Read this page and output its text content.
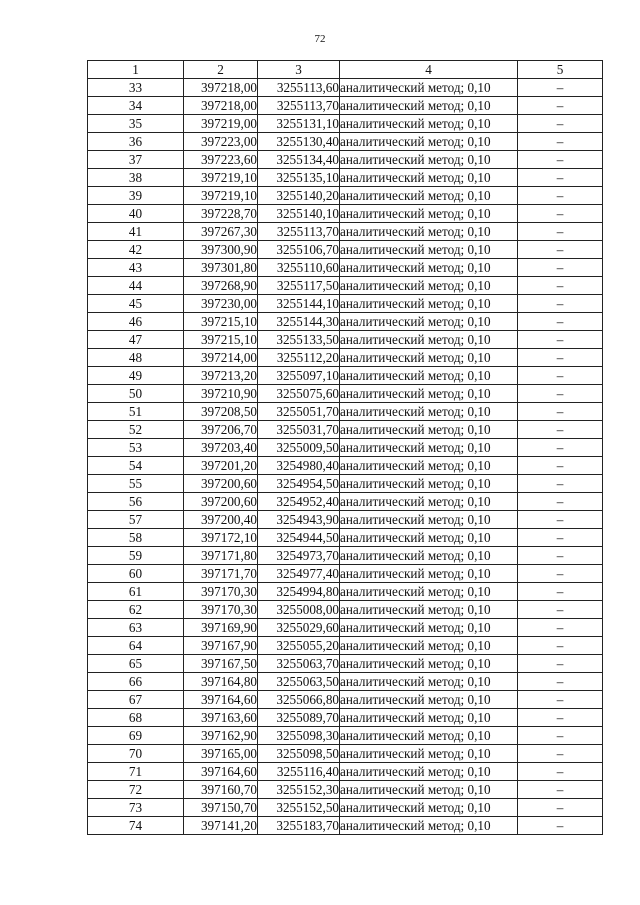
72
1	2	3	4	5
33	397218,00	3255113,60	аналитический метод; 0,10	–
34	397218,00	3255113,70	аналитический метод; 0,10	–
35	397219,00	3255131,10	аналитический метод; 0,10	–
36	397223,00	3255130,40	аналитический метод; 0,10	–
37	397223,60	3255134,40	аналитический метод; 0,10	–
38	397219,10	3255135,10	аналитический метод; 0,10	–
39	397219,10	3255140,20	аналитический метод; 0,10	–
40	397228,70	3255140,10	аналитический метод; 0,10	–
41	397267,30	3255113,70	аналитический метод; 0,10	–
42	397300,90	3255106,70	аналитический метод; 0,10	–
43	397301,80	3255110,60	аналитический метод; 0,10	–
44	397268,90	3255117,50	аналитический метод; 0,10	–
45	397230,00	3255144,10	аналитический метод; 0,10	–
46	397215,10	3255144,30	аналитический метод; 0,10	–
47	397215,10	3255133,50	аналитический метод; 0,10	–
48	397214,00	3255112,20	аналитический метод; 0,10	–
49	397213,20	3255097,10	аналитический метод; 0,10	–
50	397210,90	3255075,60	аналитический метод; 0,10	–
51	397208,50	3255051,70	аналитический метод; 0,10	–
52	397206,70	3255031,70	аналитический метод; 0,10	–
53	397203,40	3255009,50	аналитический метод; 0,10	–
54	397201,20	3254980,40	аналитический метод; 0,10	–
55	397200,60	3254954,50	аналитический метод; 0,10	–
56	397200,60	3254952,40	аналитический метод; 0,10	–
57	397200,40	3254943,90	аналитический метод; 0,10	–
58	397172,10	3254944,50	аналитический метод; 0,10	–
59	397171,80	3254973,70	аналитический метод; 0,10	–
60	397171,70	3254977,40	аналитический метод; 0,10	–
61	397170,30	3254994,80	аналитический метод; 0,10	–
62	397170,30	3255008,00	аналитический метод; 0,10	–
63	397169,90	3255029,60	аналитический метод; 0,10	–
64	397167,90	3255055,20	аналитический метод; 0,10	–
65	397167,50	3255063,70	аналитический метод; 0,10	–
66	397164,80	3255063,50	аналитический метод; 0,10	–
67	397164,60	3255066,80	аналитический метод; 0,10	–
68	397163,60	3255089,70	аналитический метод; 0,10	–
69	397162,90	3255098,30	аналитический метод; 0,10	–
70	397165,00	3255098,50	аналитический метод; 0,10	–
71	397164,60	3255116,40	аналитический метод; 0,10	–
72	397160,70	3255152,30	аналитический метод; 0,10	–
73	397150,70	3255152,50	аналитический метод; 0,10	–
74	397141,20	3255183,70	аналитический метод; 0,10	–
